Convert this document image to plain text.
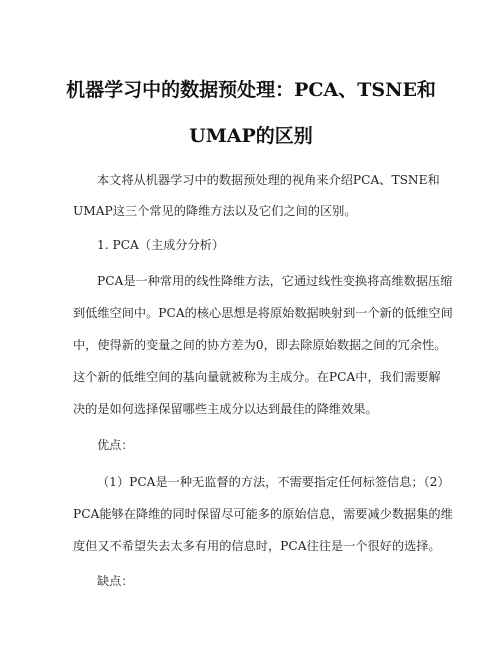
机器学习中的数据预处理：PCA、TSNE和
UMAP的区别
本文将从机器学习中的数据预处理的视角来介绍PCA、TSNE和
UMAP这三个常见的降维方法以及它们之间的区别。
1. PCA（主成分分析）
PCA是一种常用的线性降维方法，它通过线性变换将高维数据压缩
到低维空间中。PCA的核心思想是将原始数据映射到一个新的低维空间
中，使得新的变量之间的协方差为0，即去除原始数据之间的冗余性。
这个新的低维空间的基向量就被称为主成分。在PCA中，我们需要解
决的是如何选择保留哪些主成分以达到最佳的降维效果。
优点：
（1）PCA是一种无监督的方法，不需要指定任何标签信息；（2）
PCA能够在降维的同时保留尽可能多的原始信息，需要减少数据集的维
度但又不希望失去太多有用的信息时，PCA往往是一个很好的选择。
缺点：
